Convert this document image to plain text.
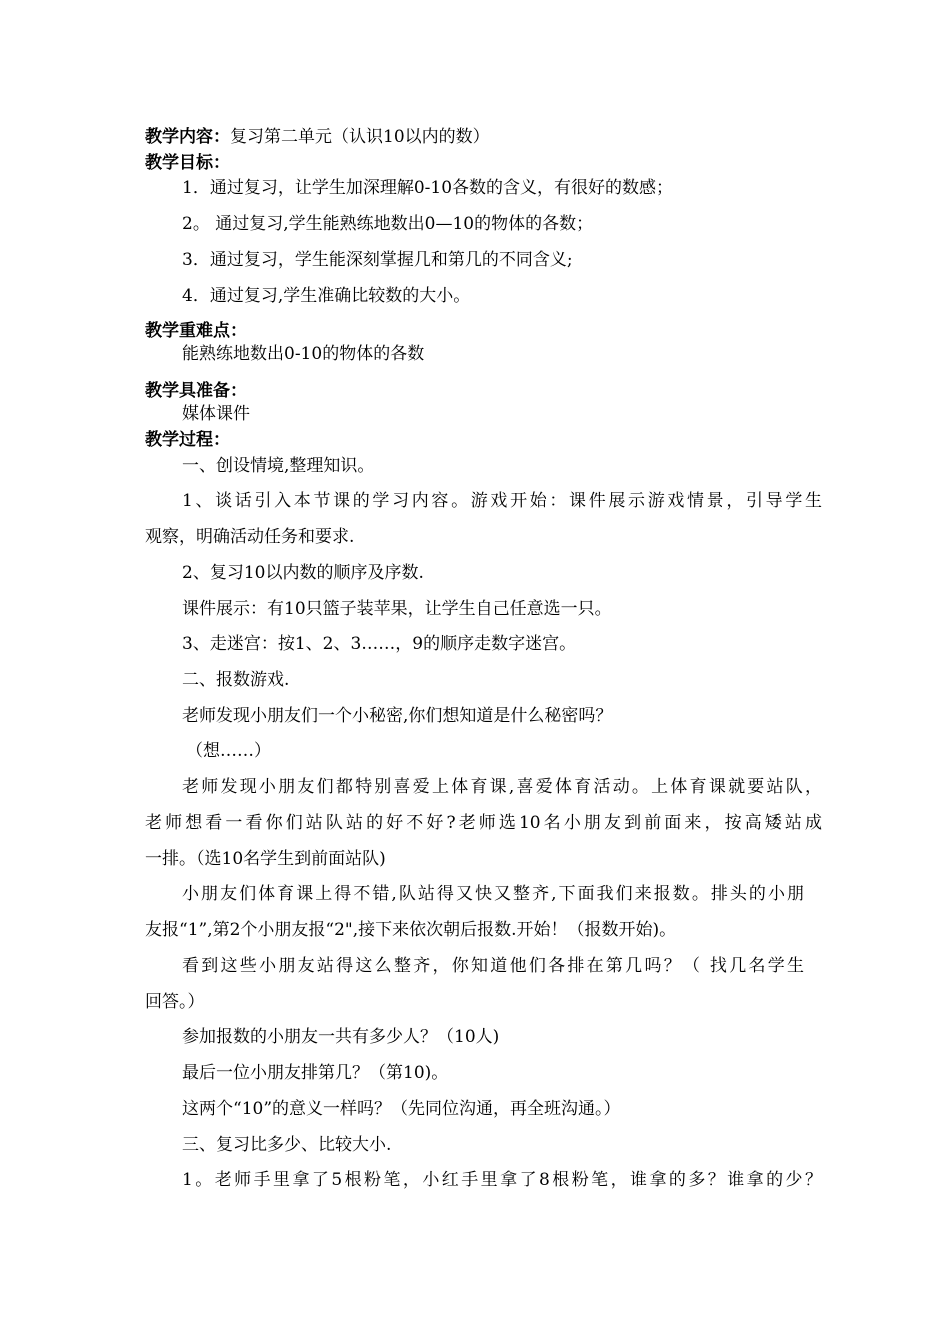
教学内容：复习第二单元（认识10以内的数）
教学目标：
1．通过复习，让学生加深理解0-10各数的含义，有很好的数感；
2。 通过复习,学生能熟练地数出0—10的物体的各数；
3．通过复习，学生能深刻掌握几和第几的不同含义;
4．通过复习,学生准确比较数的大小。
教学重难点：
能熟练地数出0-10的物体的各数
教学具准备：
媒体课件
教学过程：
一、创设情境,整理知识。
1、谈话引入本节课的学习内容。游戏开始：课件展示游戏情景，引导学生
观察，明确活动任务和要求.
2、复习10以内数的顺序及序数.
课件展示：有10只篮子装苹果，让学生自己任意选一只。
3、走迷宫：按1、2、3……，9的顺序走数字迷宫。
二、报数游戏.
老师发现小朋友们一个小秘密,你们想知道是什么秘密吗？
（想……）
老师发现小朋友们都特别喜爱上体育课,喜爱体育活动。上体育课就要站队，
老师想看一看你们站队站的好不好?老师选10名小朋友到前面来，按高矮站成
一排。（选10名学生到前面站队)
小朋友们体育课上得不错,队站得又快又整齐,下面我们来报数。排头的小朋
友报“1”,第2个小朋友报“2",接下来依次朝后报数.开始！（报数开始)。
看到这些小朋友站得这么整齐，你知道他们各排在第几吗？（ 找几名学生
回答。）
参加报数的小朋友一共有多少人？（10人)
最后一位小朋友排第几？（第10)。
这两个“10”的意义一样吗？（先同位沟通，再全班沟通。）
三、复习比多少、比较大小.
1。老师手里拿了5根粉笔，小红手里拿了8根粉笔，谁拿的多？谁拿的少？
